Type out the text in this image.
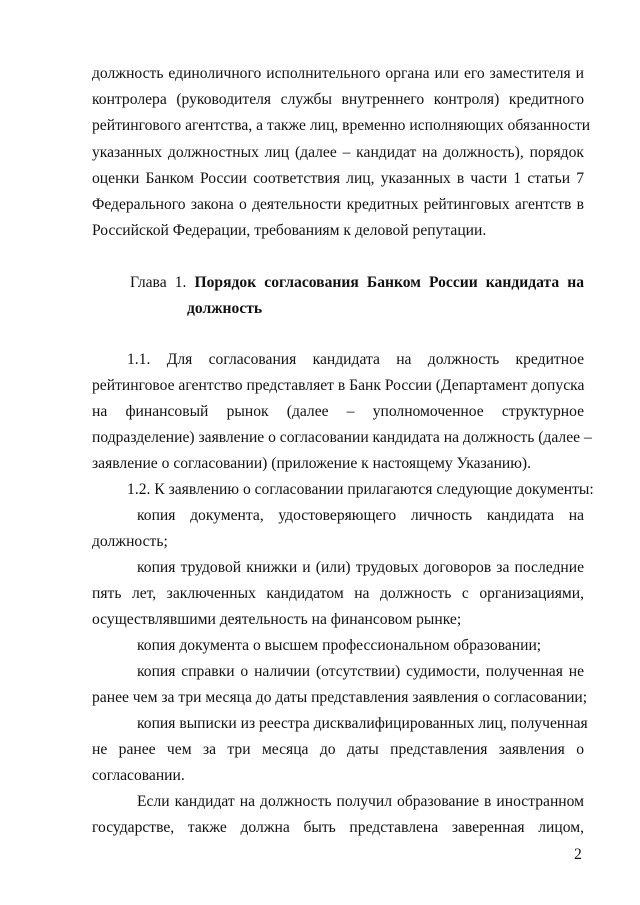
должность единоличного исполнительного органа или его заместителя и
контролера (руководителя службы внутреннего контроля) кредитного
рейтингового агентства, а также лиц, временно исполняющих обязанности
указанных должностных лиц (далее – кандидат на должность), порядок
оценки Банком России соответствия лиц, указанных в части 1 статьи 7
Федерального закона о деятельности кредитных рейтинговых агентств в
Российской Федерации, требованиям к деловой репутации.
Глава 1. Порядок согласования Банком России кандидата на
должность
1.1. Для согласования кандидата на должность кредитное
рейтинговое агентство представляет в Банк России (Департамент допуска
на финансовый рынок (далее – уполномоченное структурное
подразделение) заявление о согласовании кандидата на должность (далее –
заявление о согласовании) (приложение к настоящему Указанию).
1.2. К заявлению о согласовании прилагаются следующие документы:
копия документа, удостоверяющего личность кандидата на
должность;
копия трудовой книжки и (или) трудовых договоров за последние
пять лет, заключенных кандидатом на должность с организациями,
осуществлявшими деятельность на финансовом рынке;
копия документа о высшем профессиональном образовании;
копия справки о наличии (отсутствии) судимости, полученная не
ранее чем за три месяца до даты представления заявления о согласовании;
копия выписки из реестра дисквалифицированных лиц, полученная
не ранее чем за три месяца до даты представления заявления о
согласовании.
Если кандидат на должность получил образование в иностранном
государстве, также должна быть представлена заверенная лицом,
2
